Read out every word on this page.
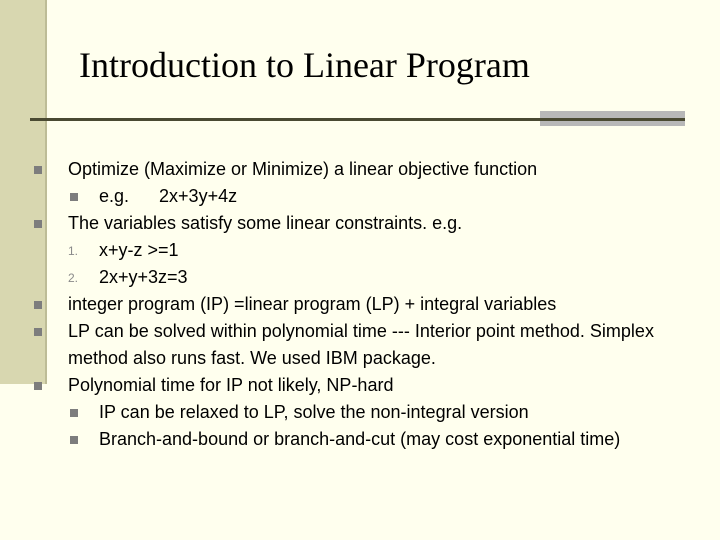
Introduction to Linear Program
Optimize (Maximize or Minimize) a linear objective function
e.g.      2x+3y+4z
The variables satisfy some linear constraints. e.g.
1. x+y-z >=1
2. 2x+y+3z=3
integer program (IP) =linear program (LP) + integral variables
LP can be solved within polynomial time --- Interior point method. Simplex method also runs fast. We used IBM package.
Polynomial time for IP not likely, NP-hard
IP can be relaxed to LP, solve the non-integral version
Branch-and-bound or branch-and-cut (may cost exponential time)
